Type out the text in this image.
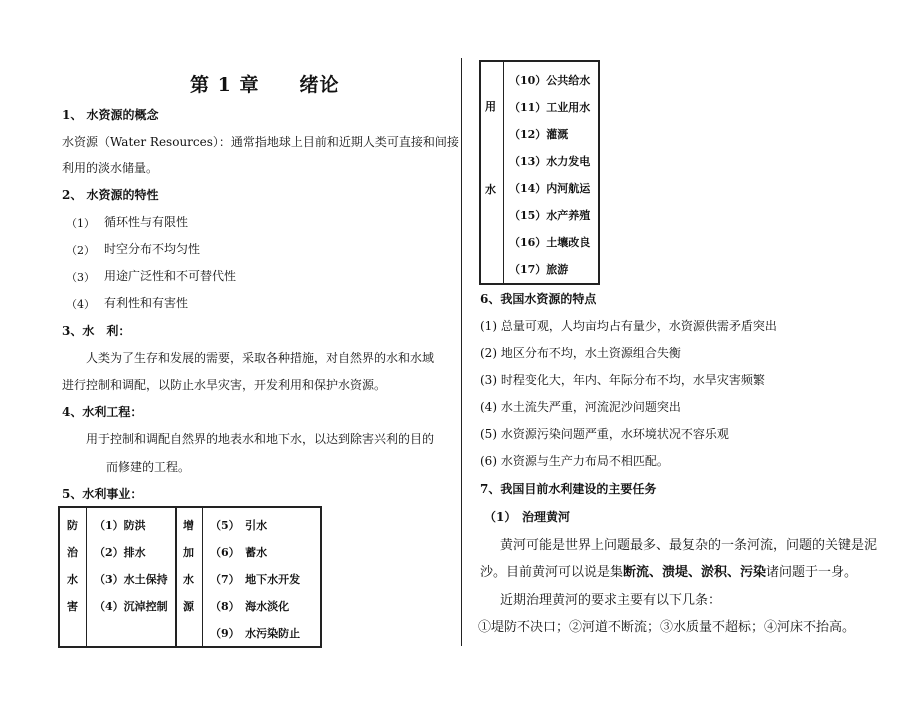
第 1 章　　绪论
1、 水资源的概念
水资源（Water Resources）：通常指地球上目前和近期人类可直接和间接
利用的淡水储量。
2、 水资源的特性
（1） 循环性与有限性
（2） 时空分布不均匀性
（3） 用途广泛性和不可替代性
（4） 有利性和有害性
3、水　利：
人类为了生存和发展的需要，采取各种措施，对自然界的水和水域
进行控制和调配，以防止水旱灾害，开发利用和保护水资源。
4、水利工程：
用于控制和调配自然界的地表水和地下水，以达到除害兴利的目的
而修建的工程。
5、水利事业：
防
治
水
害
（1）防洪
（2）排水
（3）水土保持
（4）沉淖控制
增
加
水
源
（5）　引水
（6）　蓄水
（7）　地下水开发
（8）　海水淡化
（9）　水污染防止
用
水
（10）公共给水
（11）工业用水
（12）灌溉
（13）水力发电
（14）内河航运
（15）水产养殖
（16）土壤改良
（17）旅游
6、我国水资源的特点
(1) 总量可观，人均亩均占有量少，水资源供需矛盾突出
(2) 地区分布不均，水土资源组合失衡
(3) 时程变化大，年内、年际分布不均，水旱灾害频繁
(4) 水土流失严重，河流泥沙问题突出
(5) 水资源污染问题严重，水环境状况不容乐观
(6) 水资源与生产力布局不相匹配。
7、我国目前水利建设的主要任务
（1） 治理黄河
黄河可能是世界上问题最多、最复杂的一条河流，问题的关键是泥
沙。目前黄河可以说是集断流、溃堤、淤积、污染诸问题于一身。
近期治理黄河的要求主要有以下几条：
①堤防不决口；②河道不断流；③水质量不超标；④河床不抬高。
